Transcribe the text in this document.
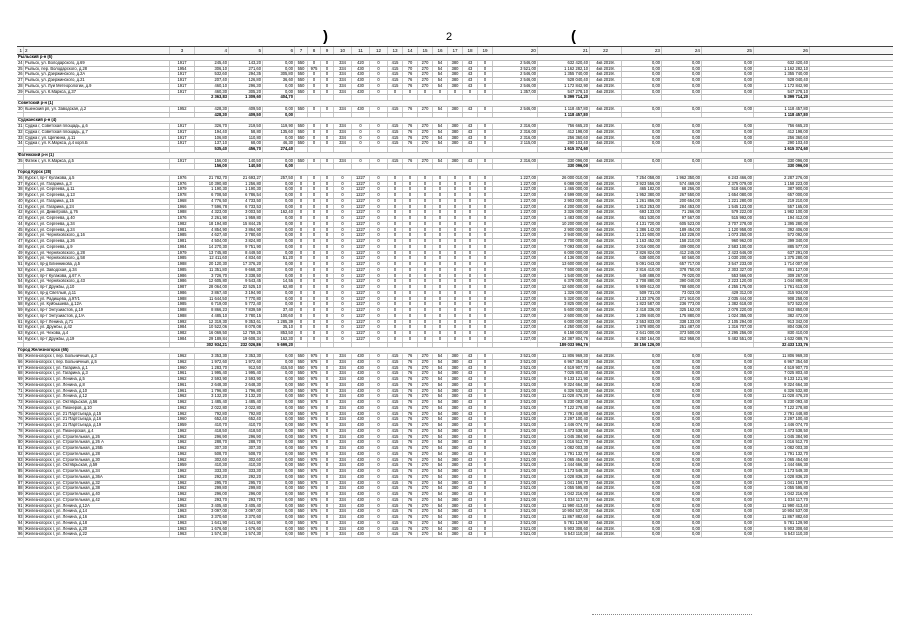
)	2	(
1 2	3	4	5	6	7	8	9	10	11	12	13	14	15	16	17	18	19	20	21	22	23	24	25	26
Рыльский р-н (6)
24 Рыльск, ул. Володарского, д.69	1917	245,40	143,20	0,00	550	0	0	334	420	0	415	70	270	54	380	43	0	2 546,00	632 420,40	4кв 2019г.	0,00	0,00	0,00	632 420,40
25 Рыльск, пер. Володарского, д.28	1954	306,10	271,60	0,00	550	975	0	334	430	0	415	70	270	54	380	43	0	3 521,00	1 162 282,10	4кв 2019г.	0,00	0,00	0,00	1 162 282,10
26 Рыльск, ул. Дзержинского, д.2А	1917	532,60	294,35	305,80	550	0	0	334	430	0	415	76	270	54	380	43	0	2 546,00	1 355 740,00	4кв 2019г.	0,00	0,00	0,00	1 355 740,00
27 Рыльск, ул. Дзержинского, д.21	1917	207,40	126,80	36,60	550	0	0	334	430	0	415	76	270	54	380	43	0	2 546,00	528 040,40	4кв 2019г.	0,00	0,00	0,00	528 040,40
28 Рыльск, ул. Луи Метеорологии, д.9	1917	460,10	296,30	0,00	550	0	0	334	430	0	415	76	270	54	380	43	0	2 546,00	1 172 842,90	4кв 2019г.	0,00	0,00	0,00	1 172 842,90
29 Рыльск, ул. К.Маркса, д.37	1917	460,30	305,20	0,00	550	0	0	334	430	0	0	0	0	0	0	0	0	1 357,00	547 278,10	4кв 2019г.	0,00	0,00	0,00	547 278,10
2 363,83	1 309,60	404,70	5 399 714,20	5 399 714,20
Советский р-н (1)
30 Кшенский рп, ул. Заводская, д.2	1952	428,30	409,50	0,00	550	0	0	334	430	0	415	76	270	54	380	43	0	2 546,00	1 118 457,80	4кв 2019г.	0,00	0,00	0,00	1 118 457,80
428,30	409,50	0,00	1 118 457,80	1 118 457,80
Суджанский р-н (4)
31 Суджа г, Советская площадь, д.6	1917	326,70	219,50	119,90	550	0	0	334	0	0	415	76	270	54	380	43	0	2 316,00	756 665,20	4кв 2019г.	0,00	0,00	0,00	756 665,20
32 Суджа г, Советская площадь, д.7	1917	194,40	58,80	135,60	550	0	0	334	0	0	415	76	270	54	380	43	0	2 316,00	412 198,00	4кв 2019г.	0,00	0,00	0,00	412 198,00
33 Суджа г, ул. Щепкина, д.11	1917	106,80	110,80	0,00	550	0	0	334	0	0	415	76	270	54	380	43	0	2 316,00	256 360,60	4кв 2019г.	0,00	0,00	0,00	256 360,60
34 Суджа г, ул. К.Маркса, д.4 корп.Б	1917	137,10	68,00	46,30	550	0	0	334	0	0	415	76	270	54	380	43	0	2 115,00	290 103,40	4кв 2019г.	0,00	0,00	0,00	290 103,40
535,40	456,70	274,40	1 615 374,60	1 615 374,60
Фатежский р-н (1)
35 Фатеж г, ул. К.Маркса, д.5	1917	156,00	140,50	0,00	550	0	0	334	0	0	415	76	270	54	380	43	0	2 316,00	330 096,00	4кв 2019г.	0,00	0,00	0,00	330 096,00
156,00	140,50	0,00	330 096,00	330 096,00
Город Курск (28)
36 Курск г, пр-т Кулакова, д.5	1976	21 782,70	21 693,27	257,50	0	0	0	0	1227	0	0	0	0	0	0	0	0	1 227,00	26 000 010,00	4кв 2019г.	7 254 058,00	1 962 350,00	6 243 466,00	2 287 276,00
37 Курск г, ул. Гагарина, д.3	1976	10 390,80	1 256,80	0,00	0	0	0	0	1227	0	0	0	0	0	0	0	0	1 227,00	6 088 000,00	4кв 2019г.	3 923 556,00	574 469,00	2 375 079,00	1 158 223,00
38 Курск г, ул. Сергеева, д.11	1979	1 190,30	1 190,30	0,00	0	0	0	0	1227	0	0	0	0	0	0	0	0	1 227,00	1 465 000,00	4кв 2019г.	465 182,00	68 256,00	518 666,00	387 900,00
39 Курск г, ул. Сергеева, д.13	1978	6 708,50	6 786,54	0,00	0	0	0	0	1227	0	0	0	0	0	0	0	0	1 227,00	4 599 000,00	4кв 2019г.	1 952 380,00	267 550,00	1 654 080,00	657 000,00
40 Курск г, ул. Гагарина, д.15	1968	4 776,50	4 733,50	0,00	0	0	0	0	1227	0	0	0	0	0	0	0	0	1 227,00	2 903 000,00	4кв 2019г.	1 261 856,00	200 654,00	1 221 280,00	219 210,00
41 Курск г, ул. Гагарина, д.24	1966	7 596,78	6 733,53	0,00	0	0	0	0	1227	0	0	0	0	0	0	0	0	1 227,00	4 200 000,00	4кв 2019г.	1 813 253,00	284 453,00	1 545 123,00	557 165,00
42 Курск г, ул. Димитрова, д.76	1988	4 323,00	3 003,50	162,40	0	0	0	0	1227	0	0	0	0	0	0	0	0	1 227,00	3 326 000,00	4кв 2019г.	693 133,00	71 266,00	579 222,00	1 982 100,00
43 Курск г, ул. Сергеева, д.40	1976	2 261,90	1 959,80	0,00	0	0	0	0	1227	0	0	0	0	0	0	0	0	1 227,00	1 483 000,00	4кв 2019г.	651 530,00	97 567,00	515 992,00	194 412,00
44 Курск г, ул. Сергеева, д.34	1982	18 194,80	15 844,25	0,00	0	0	0	0	1227	0	0	0	0	0	0	0	0	1 227,00	10 200 000,00	4кв 2019г.	4 131 720,00	605 523,00	3 707 278,00	1 395 280,00
45 Курск г, ул. Сергеева, д.24	1981	4 854,90	3 864,90	0,00	0	0	0	0	1227	0	0	0	0	0	0	0	0	1 227,00	2 900 000,00	4кв 2019г.	1 386 142,00	189 454,00	1 120 958,00	392 406,00
46 Курск г, ул. Черняховского, д.16	1985	4 627,40	3 780,60	0,00	0	0	0	0	1227	0	0	0	0	0	0	0	0	1 227,00	2 940 000,00	4кв 2019г.	1 131 600,00	163 228,00	1 073 250,00	572 092,00
47 Курск г, ул. Сергеева, д.26	1981	4 504,00	3 824,80	0,00	0	0	0	0	1227	0	0	0	0	0	0	0	0	1 227,00	2 700 000,00	4кв 2019г.	1 163 452,00	158 210,00	960 962,00	399 340,00
48 Курск г, ул. Сергеева, д.9	1984	14 270,30	9 751,90	0,00	0	0	0	0	1227	0	0	0	0	0	0	0	0	1 227,00	7 093 000,00	4кв 2019г.	3 016 000,00	409 000,00	2 583 100,00	885 577,00
49 Курск г, ул. Черняховского, д.28	1979	13 745,80	8 449,50	0,00	0	0	0	0	1227	0	0	0	0	0	0	0	0	1 227,00	6 000 000,00	4кв 2019г.	2 826 824,00	412 245,00	2 423 646,00	637 291,00
50 Курск г, ул. Черняховского, д.58	1985	12 411,60	4 834,60	51,20	0	0	0	0	1227	0	0	0	0	0	0	0	0	1 227,00	4 136 000,00	4кв 2019г.	638 600,00	60 560,00	1 030 200,00	1 375 280,00
51 Курск г, пр-д Блинникова, д.5	1988	20 120,30	17 376,20	0,00	0	0	0	0	1227	0	0	0	0	0	0	0	0	1 227,00	13 600 000,00	4кв 2019г.	5 091 043,00	657 717,00	3 547 233,00	1 714 007,00
52 Курск г, ул. Заводская, д.34	1985	11 351,80	9 668,30	0,00	0	0	0	0	1227	0	0	0	0	0	0	0	0	1 227,00	7 500 000,00	4кв 2019г.	2 816 410,00	378 750,00	2 303 327,00	861 127,00
53 Курск г, пр-т Кулакова, д.67 А	1986	3 726,70	3 338,50	0,00	0	0	0	0	1227	0	0	0	0	0	0	0	0	1 227,00	1 540 000,00	4кв 2019г.	548 488,00	79 020,00	553 566,00	309 267,00
54 Курск г, ул. Черняховского, д.43	1986	12 605,80	9 543,45	14,55	0	0	0	0	1227	0	0	0	0	0	0	0	0	1 227,00	6 378 000,00	4кв 2019г.	2 708 880,00	390 040,00	2 223 120,00	1 044 890,00
55 Курск г, пр-т Дружбы, д.10	1987	28 064,00	22 525,10	62,80	0	0	0	0	1227	0	0	0	0	0	0	0	0	1 227,00	12 600 000,00	4кв 2019г.	5 909 612,00	788 600,00	4 255 175,00	1 761 613,00
56 Курск г, пр-д Светлый, д.11	1986	3 867,40	3 194,90	0,00	0	0	0	0	1227	0	0	0	0	0	0	0	0	1 227,00	1 326 000,00	4кв 2019г.	509 731,00	73 023,00	429 312,00	315 934,00
57 Курск г, ул. Радищева, д.97/1	1988	11 644,50	7 770,80	0,00	0	0	0	0	1227	0	0	0	0	0	0	0	0	1 227,00	5 320 000,00	4кв 2019г.	2 133 376,00	271 910,00	2 035 444,00	908 258,00
58 Курск г, ул. Куйбышева, д.12А	1985	6 719,00	5 772,40	0,00	0	0	0	0	1227	0	0	0	0	0	0	0	0	1 227,00	3 825 000,00	4кв 2019г.	1 823 587,00	236 773,00	1 382 618,00	572 522,00
59 Курск г, пр-т Энтузиастов, д.19	1988	8 866,23	7 839,59	37,40	0	0	0	0	1227	0	0	0	0	0	0	0	0	1 227,00	5 600 000,00	4кв 2019г.	2 418 336,00	325 162,00	2 078 220,00	843 850,00
60 Курск г, пр-т Энтузиастов, д.1/А	1988	4 485,10	3 780,15	100,60	0	0	0	0	1227	0	0	0	0	0	0	0	0	1 227,00	2 600 000,00	4кв 2019г.	1 206 840,00	175 880,00	1 024 355,00	382 472,00
61 Курск г, пр-т Ленина, д.71	1992	12 319,30	9 353,61	1 285,39	0	0	0	0	1227	0	0	0	0	0	0	0	0	1 227,00	6 000 000,00	4кв 2019г.	2 553 833,00	338 133,00	2 105 294,00	913 342,00
62 Курск г, ул. Дружбы, д.42	1984	10 522,06	8 078,08	35,10	0	0	0	0	1227	0	0	0	0	0	0	0	0	1 227,00	4 250 000,00	4кв 2019г.	1 878 800,00	251 487,00	1 316 707,00	804 036,00
63 Курск г, ул. Чехова, д.4	1982	16 069,50	12 759,25	853,50	0	0	0	0	1227	0	0	0	0	0	0	0	0	1 227,00	6 158 000,00	4кв 2019г.	2 641 000,00	373 500,00	2 295 256,00	830 410,00
64 Курск г, пр-т Дружбы, д.19	1984	29 189,84	19 608,34	162,30	0	0	0	0	1227	0	0	0	0	0	0	0	0	1 227,00	24 387 804,76	4кв 2019г.	6 250 164,00	812 958,00	5 482 551,00	1 632 089,76
302 934,21	232 026,86	5 699,20	189 033 994,76	38 156 126,00	32 433 133,76
Город Железногорск (65)
65 Железногорск г, пер. Больничный, д.3	1962	3 353,30	3 353,30	0,00	550	975	0	334	430	0	415	76	270	54	380	43	0	3 521,00	11 806 969,30	4кв 2019г.	0,00	0,00	0,00	11 806 969,30
66 Железногорск г, пер. Больничный, д.5	1962	1 972,60	1 972,60	0,00	550	975	0	334	430	0	415	76	270	54	380	43	0	3 521,00	6 967 354,60	4кв 2019г.	0,00	0,00	0,00	6 967 354,60
67 Железногорск г, ул. Гагарина, д.1	1960	1 283,70	912,50	415,50	550	975	0	334	430	0	415	76	270	54	380	43	0	3 521,00	4 519 907,70	4кв 2019г.	0,00	0,00	0,00	4 519 907,70
68 Железногорск г, ул. Гагарина, д.3	1961	1 995,40	1 995,40	0,00	550	975	0	334	430	0	415	76	270	54	380	43	0	3 521,00	7 025 803,40	4кв 2019г.	0,00	0,00	0,00	7 025 803,40
69 Железногорск г, ул. Ленина, д.5	1962	2 593,90	2 593,90	0,00	550	975	0	334	430	0	415	76	270	54	380	43	0	3 521,00	9 133 121,90	4кв 2019г.	0,00	0,00	0,00	9 133 121,90
70 Железногорск г, ул. Ленина, д.8	1961	2 648,30	2 648,30	0,00	550	975	0	334	430	0	415	76	270	54	380	43	0	3 521,00	9 324 664,30	4кв 2019г.	0,00	0,00	0,00	9 324 664,30
71 Железногорск г, ул. Ленина, д.10	1961	1 796,80	1 796,80	0,00	550	975	0	334	430	0	415	76	270	54	380	43	0	3 521,00	6 326 532,80	4кв 2019г.	0,00	0,00	0,00	6 326 532,80
72 Железногорск г, ул. Ленина, д.12	1962	3 132,20	3 132,20	0,00	550	975	0	334	430	0	415	76	270	54	380	43	0	3 521,00	11 028 476,20	4кв 2019г.	0,00	0,00	0,00	11 028 476,20
73 Железногорск г, ул. Октябрьская, д.56	1962	1 485,40	1 485,40	0,00	550	975	0	334	430	0	415	76	270	54	380	43	0	3 521,00	5 230 093,40	4кв 2019г.	0,00	0,00	0,00	5 230 093,40
74 Железногорск г, ул. Пионеров, д.10	1962	2 022,80	2 022,80	0,00	550	975	0	334	430	0	415	76	270	54	380	43	0	3 521,00	7 122 278,80	4кв 2019г.	0,00	0,00	0,00	7 122 278,80
75 Железногорск г, ул. 21 Партсъезда, д.15	1962	792,80	792,80	0,00	550	975	0	334	430	0	415	76	270	54	380	43	0	3 521,00	2 791 448,80	4кв 2019г.	0,00	0,00	0,00	2 791 448,80
76 Железногорск г, ул. 21 Партсъезда, д.16	1960	652,40	652,40	0,00	550	975	0	334	430	0	415	76	270	54	380	43	0	3 521,00	2 297 100,40	4кв 2019г.	0,00	0,00	0,00	2 297 100,40
77 Железногорск г, ул. 21 Партсъезда, д.19	1959	410,70	410,70	0,00	550	975	0	334	430	0	415	76	270	54	380	43	0	3 521,00	1 446 074,70	4кв 2019г.	0,00	0,00	0,00	1 446 074,70
78 Железногорск г, ул. Пионерская, д.4	1962	418,50	418,50	0,00	550	975	0	334	430	0	415	76	270	54	380	43	0	3 521,00	1 473 538,50	4кв 2019г.	0,00	0,00	0,00	1 473 538,50
79 Железногорск г, ул. Строительная, д.26	1962	296,90	296,90	0,00	550	975	0	334	430	0	415	76	270	54	380	43	0	3 521,00	1 045 384,90	4кв 2019г.	0,00	0,00	0,00	1 045 384,90
80 Железногорск г, ул. Строительная, д.26 А	1962	288,70	288,70	0,00	550	975	0	334	430	0	415	76	270	54	380	43	0	3 521,00	1 016 512,70	4кв 2019г.	0,00	0,00	0,00	1 016 512,70
81 Железногорск г, ул. Строительная, д.26Б	1962	307,30	307,30	0,00	550	975	0	334	430	0	415	76	270	54	380	43	0	3 521,00	1 082 003,30	4кв 2019г.	0,00	0,00	0,00	1 082 003,30
82 Железногорск г, ул. Строительная, д.28	1962	508,70	508,70	0,00	550	975	0	334	430	0	415	76	270	54	380	43	0	3 521,00	1 791 132,70	4кв 2019г.	0,00	0,00	0,00	1 791 132,70
83 Железногорск г, ул. Строительная, д.30	1962	302,60	302,60	0,00	550	975	0	334	430	0	415	76	270	54	380	43	0	3 521,00	1 065 454,60	4кв 2019г.	0,00	0,00	0,00	1 065 454,60
84 Железногорск г, ул. Октябрьская, д.59	1959	410,30	410,30	0,00	550	975	0	334	430	0	415	76	270	54	380	43	0	3 521,00	1 444 666,30	4кв 2019г.	0,00	0,00	0,00	1 444 666,30
85 Железногорск г, ул. Строительная, д.34	1962	333,30	333,30	0,00	550	975	0	334	430	0	415	76	270	54	380	43	0	3 521,00	1 173 549,30	4кв 2019г.	0,00	0,00	0,00	1 173 549,30
86 Железногорск г, ул. Строительная, д.36А	1962	292,20	292,20	0,00	550	975	0	334	430	0	415	76	270	54	380	43	0	3 521,00	1 028 836,20	4кв 2019г.	0,00	0,00	0,00	1 028 836,20
87 Железногорск г, ул. Строительная, д.32	1962	295,70	295,70	0,00	550	975	0	334	430	0	415	76	270	54	380	43	0	3 521,00	1 041 159,70	4кв 2019г.	0,00	0,00	0,00	1 041 159,70
88 Железногорск г, ул. Строительная, д.38	1962	299,80	299,80	0,00	550	975	0	334	430	0	415	76	270	54	380	43	0	3 521,00	1 055 595,80	4кв 2019г.	0,00	0,00	0,00	1 055 595,80
89 Железногорск г, ул. Строительная, д.40	1962	296,00	296,00	0,00	550	975	0	334	430	0	415	76	270	54	380	43	0	3 521,00	1 042 216,00	4кв 2019г.	0,00	0,00	0,00	1 042 216,00
90 Железногорск г, ул. Строительная, д.42	1962	293,70	293,70	0,00	550	975	0	334	430	0	415	76	270	54	380	43	0	3 521,00	1 034 117,70	4кв 2019г.	0,00	0,00	0,00	1 034 117,70
91 Железногорск г, ул. Ленина, д.12А	1963	3 405,40	3 405,40	0,00	550	975	0	334	430	0	415	76	270	54	380	43	0	3 521,00	11 990 413,40	4кв 2019г.	0,00	0,00	0,00	11 990 413,40
92 Железногорск г, ул. Ленина, д.14	1963	3 097,00	3 097,00	0,00	550	975	0	334	430	0	415	76	270	54	380	43	0	3 521,00	10 904 537,00	4кв 2019г.	0,00	0,00	0,00	10 904 537,00
93 Железногорск г, ул. Ленина, д.16	1963	3 370,60	3 370,60	0,00	550	975	0	334	430	0	415	76	270	54	380	43	0	3 521,00	11 867 882,60	4кв 2019г.	0,00	0,00	0,00	11 867 882,60
94 Железногорск г, ул. Ленина, д.18	1963	1 641,90	1 641,90	0,00	550	975	0	334	430	0	415	76	270	54	380	43	0	3 521,00	5 781 129,90	4кв 2019г.	0,00	0,00	0,00	5 781 129,90
95 Железногорск г, ул. Ленина, д.20	1963	1 676,60	1 676,60	0,00	550	975	0	334	430	0	415	76	270	54	380	43	0	3 521,00	5 903 308,60	4кв 2019г.	0,00	0,00	0,00	5 903 308,60
96 Железногорск г, ул. Ленина, д.22	1963	1 574,30	1 574,30	0,00	550	975	0	334	430	0	415	76	270	54	380	43	0	3 521,00	5 543 110,30	4кв 2019г.	0,00	0,00	0,00	5 543 110,30
